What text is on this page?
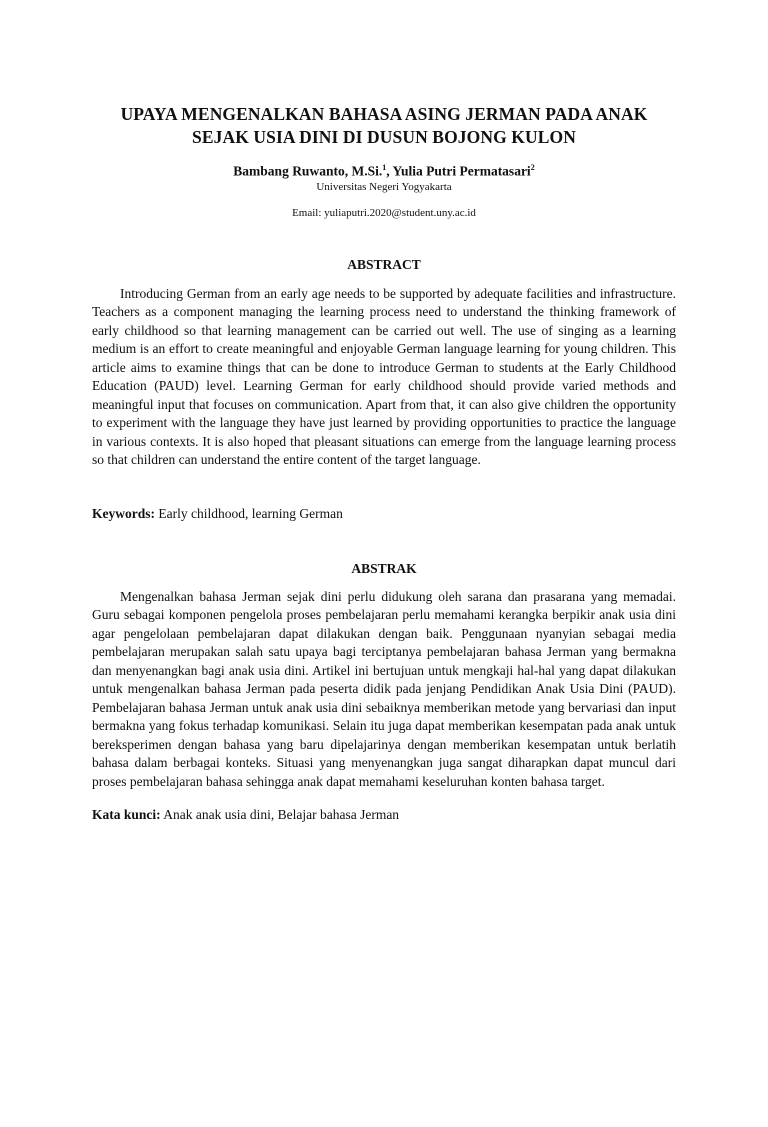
UPAYA MENGENALKAN BAHASA ASING JERMAN PADA ANAK SEJAK USIA DINI DI DUSUN BOJONG KULON
Bambang Ruwanto, M.Si.$^1$, Yulia Putri Permatasari$^2$
Universitas Negeri Yogyakarta
Email: yuliaputri.2020@student.uny.ac.id
ABSTRACT

Introducing German from an early age needs to be supported by adequate facilities and infrastructure. Teachers as a component managing the learning process need to understand the thinking framework of early childhood so that learning management can be carried out well. The use of singing as a learning medium is an effort to create meaningful and enjoyable German language learning for young children. This article aims to examine things that can be done to introduce German to students at the Early Childhood Education (PAUD) level. Learning German for early childhood should provide varied methods and meaningful input that focuses on communication. Apart from that, it can also give children the opportunity to experiment with the language they have just learned by providing opportunities to practice the language in various contexts. It is also hoped that pleasant situations can emerge from the language learning process so that children can understand the entire content of the target language.

Keywords: Early childhood, learning German
ABSTRAK

Mengenalkan bahasa Jerman sejak dini perlu didukung oleh sarana dan prasarana yang memadai. Guru sebagai komponen pengelola proses pembelajaran perlu memahami kerangka berpikir anak usia dini agar pengelolaan pembelajaran dapat dilakukan dengan baik. Penggunaan nyanyian sebagai media pembelajaran merupakan salah satu upaya bagi terciptanya pembelajaran bahasa Jerman yang bermakna dan menyenangkan bagi anak usia dini. Artikel ini bertujuan untuk mengkaji hal-hal yang dapat dilakukan untuk mengenalkan bahasa Jerman pada peserta didik pada jenjang Pendidikan Anak Usia Dini (PAUD). Pembelajaran bahasa Jerman untuk anak usia dini sebaiknya memberikan metode yang bervariasi dan input bermakna yang fokus terhadap komunikasi. Selain itu juga dapat memberikan kesempatan pada anak untuk bereksperimen dengan bahasa yang baru dipelajarinya dengan memberikan kesempatan untuk berlatih bahasa dalam berbagai konteks. Situasi yang menyenangkan juga sangat diharapkan dapat muncul dari proses pembelajaran bahasa sehingga anak dapat memahami keseluruhan konten bahasa target.

Kata kunci: Anak anak usia dini, Belajar bahasa Jerman
